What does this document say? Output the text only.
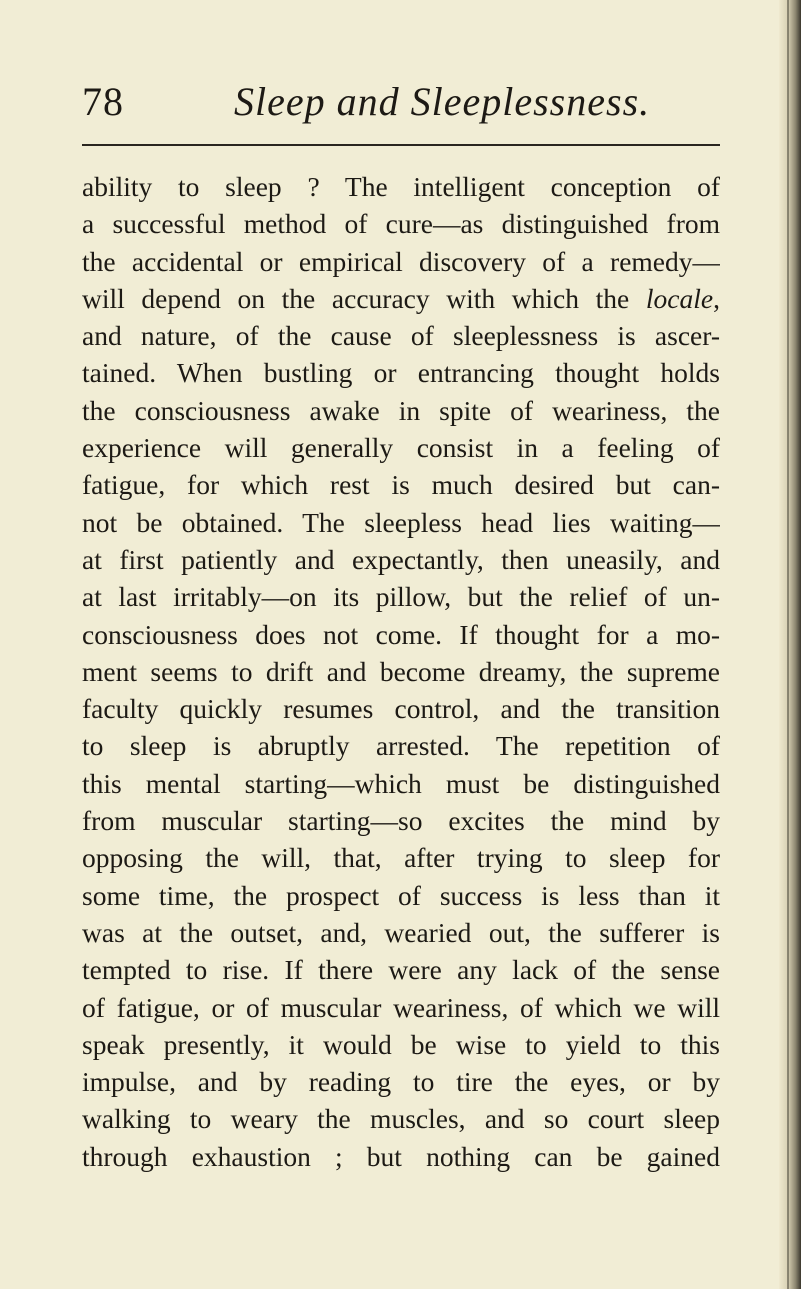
78	Sleep and Sleeplessness.
ability to sleep ? The intelligent conception of
a successful method of cure—as distinguished from
the accidental or empirical discovery of a remedy—
will depend on the accuracy with which the locale,
and nature, of the cause of sleeplessness is ascer-
tained. When bustling or entrancing thought holds
the consciousness awake in spite of weariness, the
experience will generally consist in a feeling of
fatigue, for which rest is much desired but can-
not be obtained. The sleepless head lies waiting—
at first patiently and expectantly, then uneasily, and
at last irritably—on its pillow, but the relief of un-
consciousness does not come. If thought for a mo-
ment seems to drift and become dreamy, the supreme
faculty quickly resumes control, and the transition
to sleep is abruptly arrested. The repetition of
this mental starting—which must be distinguished
from muscular starting—so excites the mind by
opposing the will, that, after trying to sleep for
some time, the prospect of success is less than it
was at the outset, and, wearied out, the sufferer is
tempted to rise. If there were any lack of the sense
of fatigue, or of muscular weariness, of which we will
speak presently, it would be wise to yield to this
impulse, and by reading to tire the eyes, or by
walking to weary the muscles, and so court sleep
through exhaustion ; but nothing can be gained
